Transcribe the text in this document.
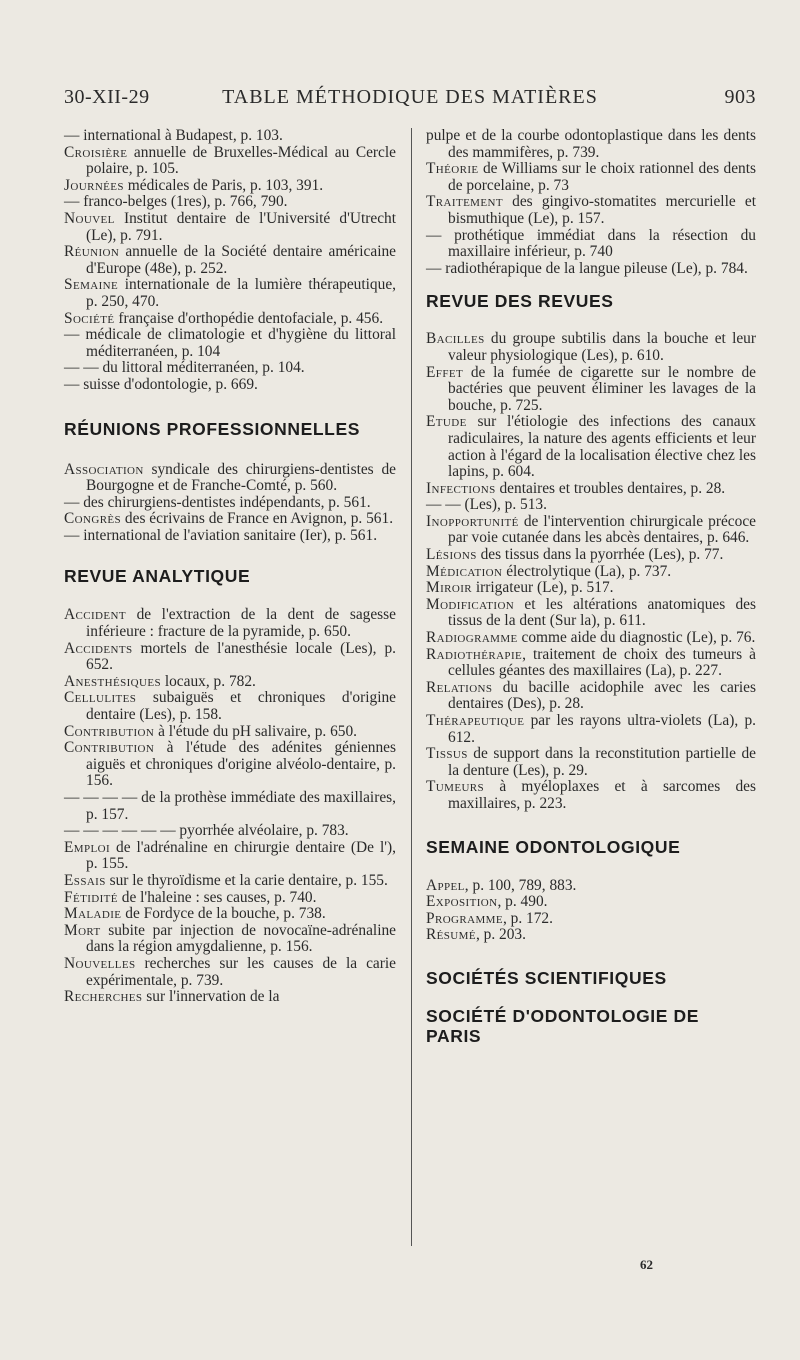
30-XII-29	TABLE MÉTHODIQUE DES MATIÈRES	903

— international à Budapest, p. 103.

Croisière annuelle de Bruxelles-Médical au Cercle polaire, p. 105.

Journées médicales de Paris, p. 103, 391.

— franco-belges (1res), p. 766, 790.

Nouvel Institut dentaire de l'Université d'Utrecht (Le), p. 791.

Réunion annuelle de la Société dentaire américaine d'Europe (48e), p. 252.

Semaine internationale de la lumière thérapeutique, p. 250, 470.

Société française d'orthopédie dentofaciale, p. 456.

— médicale de climatologie et d'hygiène du littoral méditerranéen, p. 104

— — du littoral méditerranéen, p. 104.

— suisse d'odontologie, p. 669.

RÉUNIONS PROFESSIONNELLES

Association syndicale des chirurgiens-dentistes de Bourgogne et de Franche-Comté, p. 560.

— des chirurgiens-dentistes indépendants, p. 561.

Congrès des écrivains de France en Avignon, p. 561.

— international de l'aviation sanitaire (Ier), p. 561.

REVUE ANALYTIQUE

Accident de l'extraction de la dent de sagesse inférieure : fracture de la pyramide, p. 650.

Accidents mortels de l'anesthésie locale (Les), p. 652.

Anesthésiques locaux, p. 782.

Cellulites subaiguës et chroniques d'origine dentaire (Les), p. 158.

Contribution à l'étude du pH salivaire, p. 650.

Contribution à l'étude des adénites géniennes aiguës et chroniques d'origine alvéolo-dentaire, p. 156.

— — — — de la prothèse immédiate des maxillaires, p. 157.

— — — — — — pyorrhée alvéolaire, p. 783.

Emploi de l'adrénaline en chirurgie dentaire (De l'), p. 155.

Essais sur le thyroïdisme et la carie dentaire, p. 155.

Fétidité de l'haleine : ses causes, p. 740.

Maladie de Fordyce de la bouche, p. 738.

Mort subite par injection de novocaïne-adrénaline dans la région amygdalienne, p. 156.

Nouvelles recherches sur les causes de la carie expérimentale, p. 739.

Recherches sur l'innervation de la

pulpe et de la courbe odontoplastique dans les dents des mammifères, p. 739.

Théorie de Williams sur le choix rationnel des dents de porcelaine, p. 73

Traitement des gingivo-stomatites mercurielle et bismuthique (Le), p. 157.

— prothétique immédiat dans la résection du maxillaire inférieur, p. 740

— radiothérapique de la langue pileuse (Le), p. 784.

REVUE DES REVUES

Bacilles du groupe subtilis dans la bouche et leur valeur physiologique (Les), p. 610.

Effet de la fumée de cigarette sur le nombre de bactéries que peuvent éliminer les lavages de la bouche, p. 725.

Etude sur l'étiologie des infections des canaux radiculaires, la nature des agents efficients et leur action à l'égard de la localisation élective chez les lapins, p. 604.

Infections dentaires et troubles dentaires, p. 28.

— — (Les), p. 513.

Inopportunité de l'intervention chirurgicale précoce par voie cutanée dans les abcès dentaires, p. 646.

Lésions des tissus dans la pyorrhée (Les), p. 77.

Médication électrolytique (La), p. 737.

Miroir irrigateur (Le), p. 517.

Modification et les altérations anatomiques des tissus de la dent (Sur la), p. 611.

Radiogramme comme aide du diagnostic (Le), p. 76.

Radiothérapie, traitement de choix des tumeurs à cellules géantes des maxillaires (La), p. 227.

Relations du bacille acidophile avec les caries dentaires (Des), p. 28.

Thérapeutique par les rayons ultra-violets (La), p. 612.

Tissus de support dans la reconstitution partielle de la denture (Les), p. 29.

Tumeurs à myéloplaxes et à sarcomes des maxillaires, p. 223.

SEMAINE ODONTOLOGIQUE

Appel, p. 100, 789, 883.

Exposition, p. 490.

Programme, p. 172.

Résumé, p. 203.

SOCIÉTÉS SCIENTIFIQUES
SOCIÉTÉ D'ODONTOLOGIE DE PARIS
62
